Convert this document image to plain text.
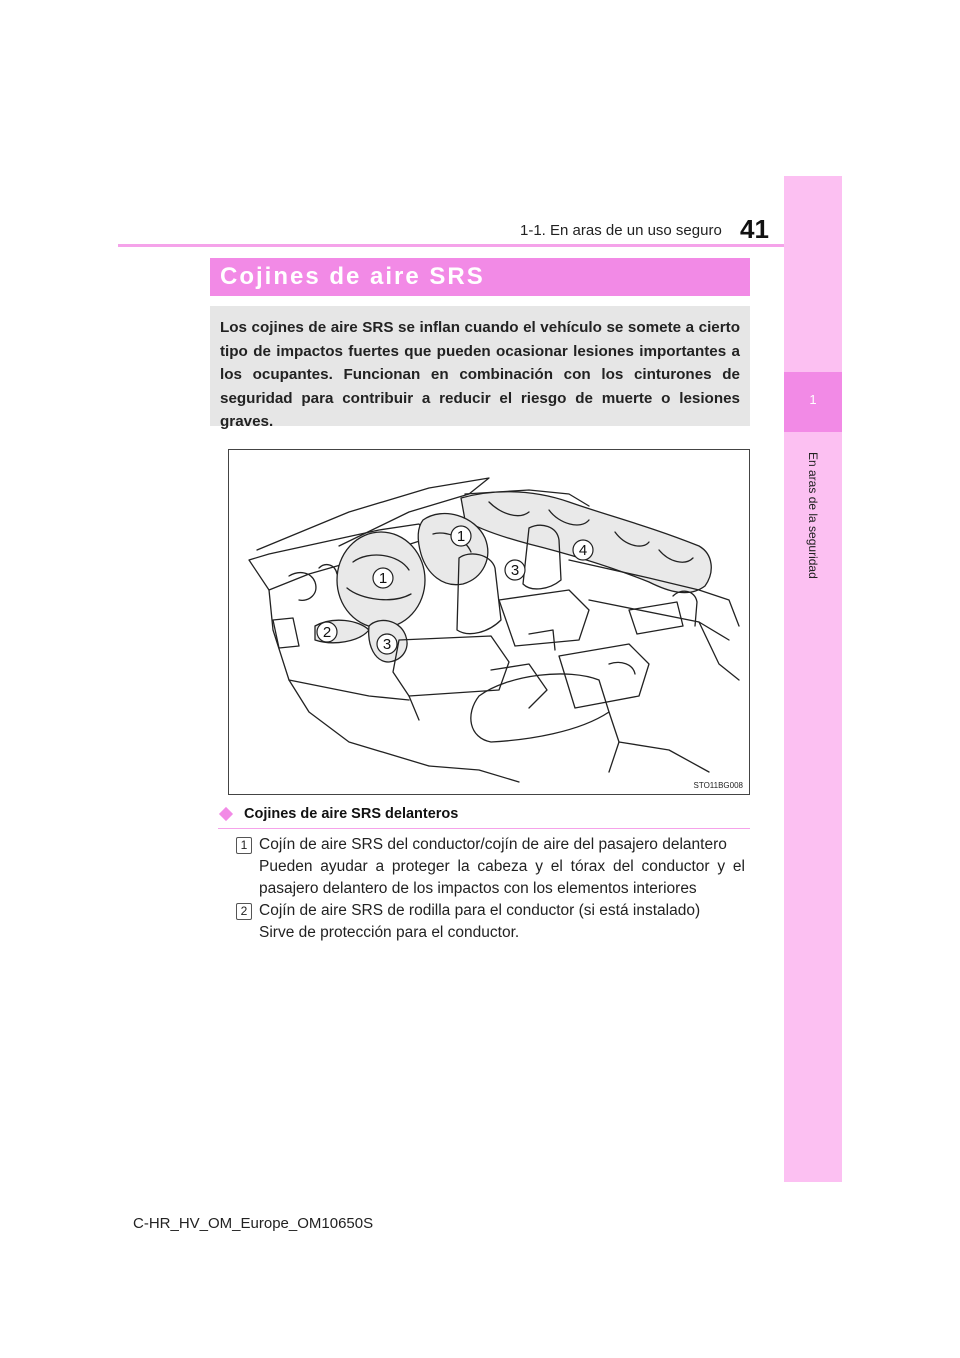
1-1. En aras de un uso seguro 41
1
En aras de la seguridad
Cojines de aire SRS

Los cojines de aire SRS se inflan cuando el vehículo se somete a cierto tipo de impactos fuertes que pueden ocasionar lesiones importantes a los ocupantes. Funcionan en combinación con los cinturones de seguridad para contribuir a reducir el riesgo de muerte o lesiones graves.

1
1
2
3
3
4
STO11BG008
Cojines de aire SRS delanteros
1 Cojín de aire SRS del conductor/cojín de aire del pasajero delantero
Pueden ayudar a proteger la cabeza y el tórax del conductor y el pasajero delantero de los impactos con los elementos interiores
2 Cojín de aire SRS de rodilla para el conductor (si está instalado)
Sirve de protección para el conductor.
C-HR_HV_OM_Europe_OM10650S
